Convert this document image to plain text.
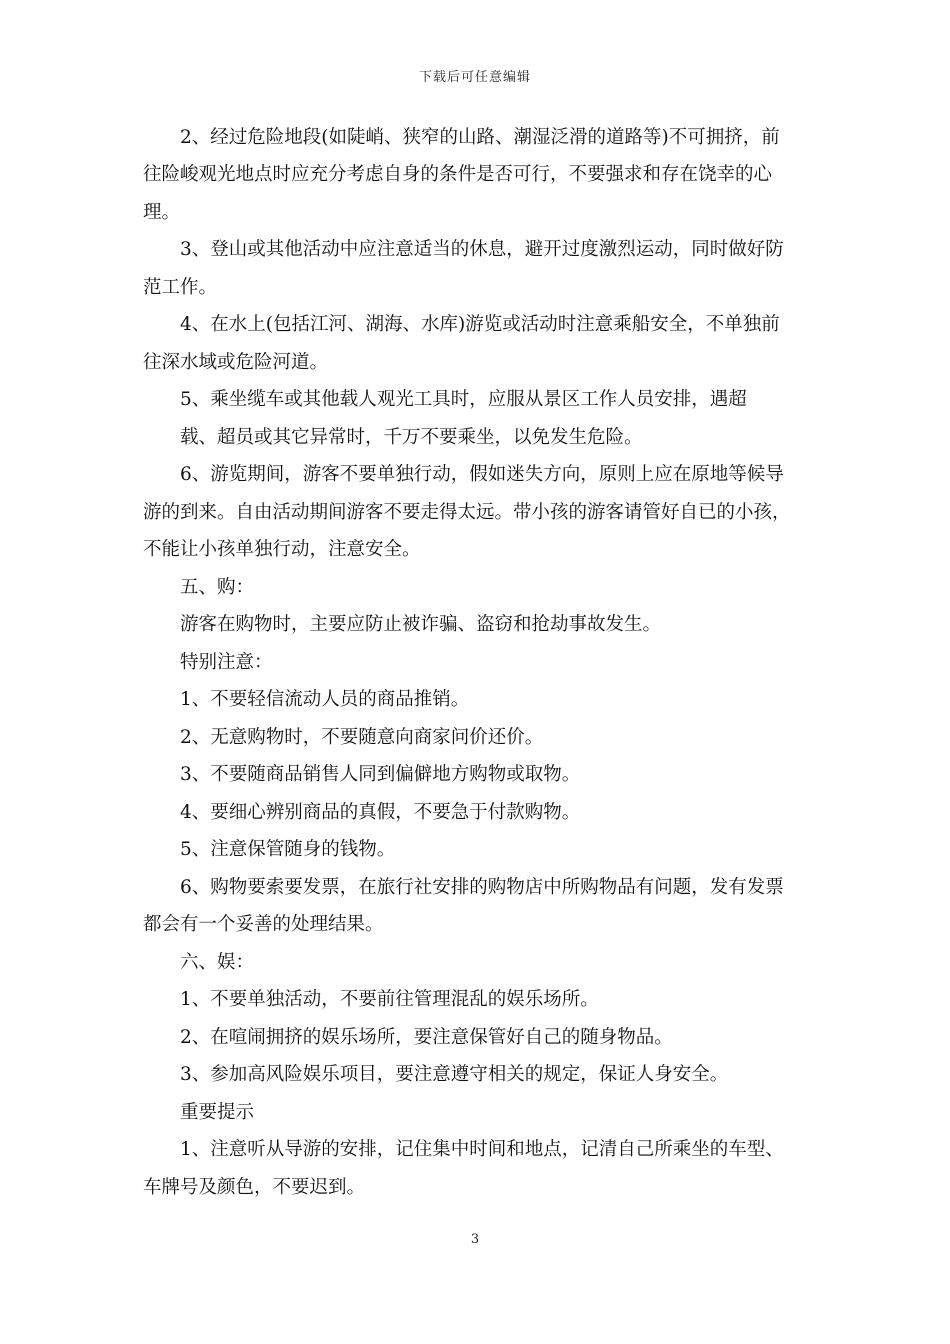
下载后可任意编辑
2、经过危险地段(如陡峭、狭窄的山路、潮湿泛滑的道路等)不可拥挤，前
往险峻观光地点时应充分考虑自身的条件是否可行，不要强求和存在饶幸的心
理。
3、登山或其他活动中应注意适当的休息，避开过度激烈运动，同时做好防
范工作。
4、在水上(包括江河、湖海、水库)游览或活动时注意乘船安全，不单独前
往深水域或危险河道。
5、乘坐缆车或其他载人观光工具时，应服从景区工作人员安排，遇超
载、超员或其它异常时，千万不要乘坐，以免发生危险。
6、游览期间，游客不要单独行动，假如迷失方向，原则上应在原地等候导
游的到来。自由活动期间游客不要走得太远。带小孩的游客请管好自已的小孩，
不能让小孩单独行动，注意安全。
五、购：
游客在购物时，主要应防止被诈骗、盗窃和抢劫事故发生。
特别注意：
1、不要轻信流动人员的商品推销。
2、无意购物时，不要随意向商家问价还价。
3、不要随商品销售人同到偏僻地方购物或取物。
4、要细心辨别商品的真假，不要急于付款购物。
5、注意保管随身的钱物。
6、购物要索要发票，在旅行社安排的购物店中所购物品有问题，发有发票
都会有一个妥善的处理结果。
六、娱：
1、不要单独活动，不要前往管理混乱的娱乐场所。
2、在喧闹拥挤的娱乐场所，要注意保管好自己的随身物品。
3、参加高风险娱乐项目，要注意遵守相关的规定，保证人身安全。
重要提示
1、注意听从导游的安排，记住集中时间和地点，记清自己所乘坐的车型、
车牌号及颜色，不要迟到。
3
